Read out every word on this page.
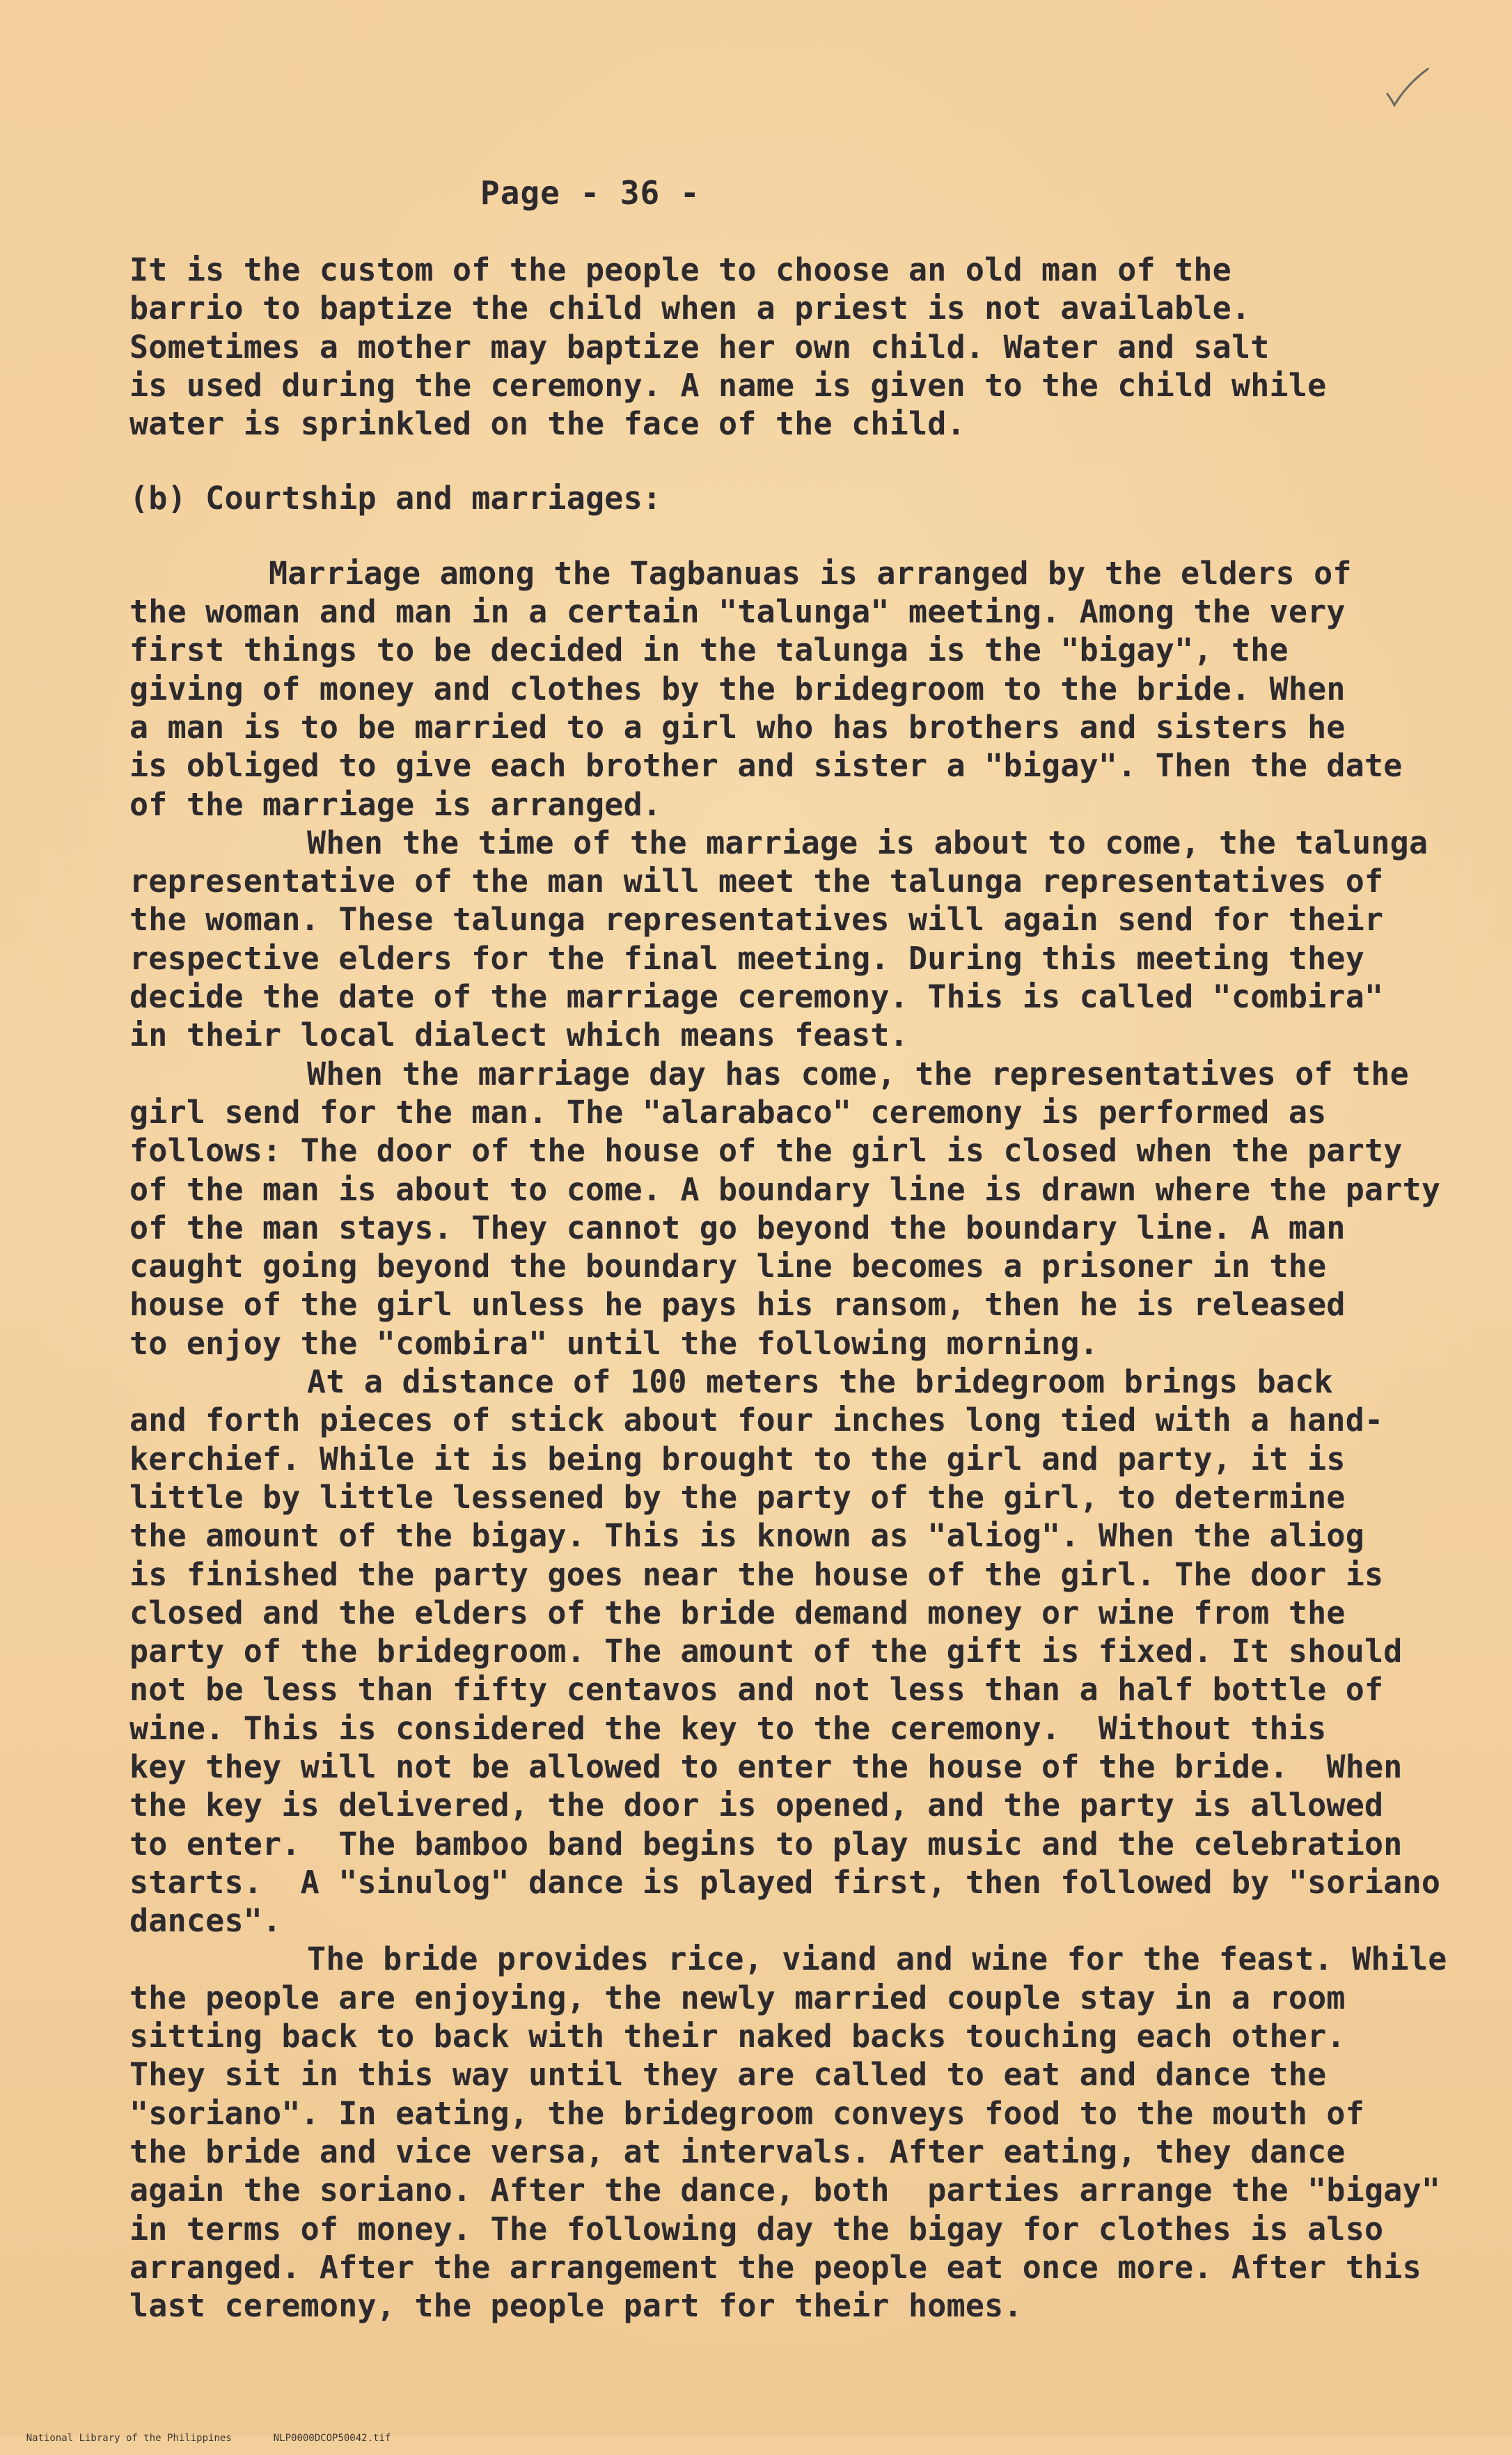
Page - 36 -
It is the custom of the people to choose an old man of the
barrio to baptize the child when a priest is not available.
Sometimes a mother may baptize her own child. Water and salt
is used during the ceremony. A name is given to the child while
water is sprinkled on the face of the child.
(b) Courtship and marriages:
Marriage among the Tagbanuas is arranged by the elders of
the woman and man in a certain "talunga" meeting. Among the very
first things to be decided in the talunga is the "bigay", the
giving of money and clothes by the bridegroom to the bride. When
a man is to be married to a girl who has brothers and sisters he
is obliged to give each brother and sister a "bigay". Then the date
of the marriage is arranged.
When the time of the marriage is about to come, the talunga
representative of the man will meet the talunga representatives of
the woman. These talunga representatives will again send for their
respective elders for the final meeting. During this meeting they
decide the date of the marriage ceremony. This is called "combira"
in their local dialect which means feast.
When the marriage day has come, the representatives of the
girl send for the man. The "alarabaco" ceremony is performed as
follows: The door of the house of the girl is closed when the party
of the man is about to come. A boundary line is drawn where the party
of the man stays. They cannot go beyond the boundary line. A man
caught going beyond the boundary line becomes a prisoner in the
house of the girl unless he pays his ransom, then he is released
to enjoy the "combira" until the following morning.
At a distance of 100 meters the bridegroom brings back
and forth pieces of stick about four inches long tied with a hand-
kerchief. While it is being brought to the girl and party, it is
little by little lessened by the party of the girl, to determine
the amount of the bigay. This is known as "aliog". When the aliog
is finished the party goes near the house of the girl. The door is
closed and the elders of the bride demand money or wine from the
party of the bridegroom. The amount of the gift is fixed. It should
not be less than fifty centavos and not less than a half bottle of
wine. This is considered the key to the ceremony.  Without this
key they will not be allowed to enter the house of the bride.  When
the key is delivered, the door is opened, and the party is allowed
to enter.  The bamboo band begins to play music and the celebration
starts.  A "sinulog" dance is played first, then followed by "soriano
dances".
The bride provides rice, viand and wine for the feast. While
the people are enjoying, the newly married couple stay in a room
sitting back to back with their naked backs touching each other.
They sit in this way until they are called to eat and dance the
"soriano". In eating, the bridegroom conveys food to the mouth of
the bride and vice versa, at intervals. After eating, they dance
again the soriano. After the dance, both  parties arrange the "bigay"
in terms of money. The following day the bigay for clothes is also
arranged. After the arrangement the people eat once more. After this
last ceremony, the people part for their homes.

National Library of the Philippines	NLP0000DCOP50042.tif
